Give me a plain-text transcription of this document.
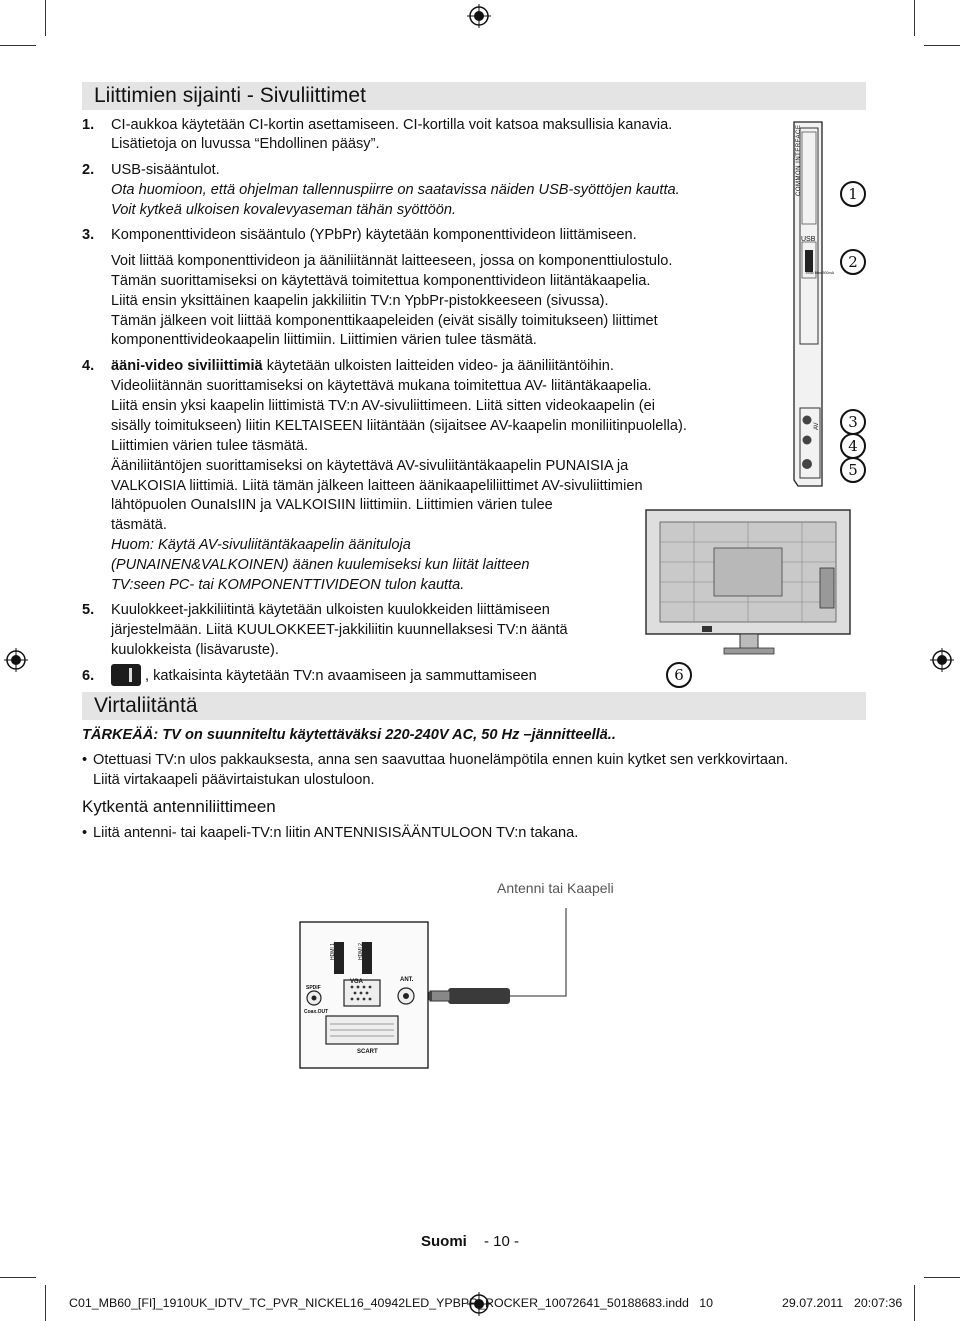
Liittimien sijainti - Sivuliittimet
1. CI-aukkoa käytetään CI-kortin asettamiseen. CI-kortilla voit katsoa maksullisia kanavia.
Lisätietoja on luvussa “Ehdollinen pääsy”.
2. USB-sisääntulot.
Ota huomioon, että ohjelman tallennuspiirre on saatavissa näiden USB-syöttöjen kautta.
Voit kytkeä ulkoisen kovalevyaseman tähän syöttöön.
3. Komponenttivideon sisääntulo (YPbPr) käytetään komponenttivideon liittämiseen.
Voit liittää komponenttivideon ja ääniliitännät laitteeseen, jossa on komponenttiulostulo.
Tämän suorittamiseksi on käytettävä toimitettua komponenttivideon liitäntäkaapelia.
Liitä ensin yksittäinen kaapelin jakkiliitin TV:n YpbPr-pistokkeeseen (sivussa).
Tämän jälkeen voit liittää komponenttikaapeleiden (eivät sisälly toimitukseen) liittimet
komponenttivideokaapelin liittimiin. Liittimien värien tulee täsmätä.
4. ääni-video siviliittimiä käytetään ulkoisten laitteiden video- ja ääniliitäntöihin.
Videoliitännän suorittamiseksi on käytettävä mukana toimitettua AV- liitäntäkaapelia.
Liitä ensin yksi kaapelin liittimistä TV:n AV-sivuliittimeen. Liitä sitten videokaapelin (ei
sisälly toimitukseen) liitin KELTAISEEN liitäntään (sijaitsee AV-kaapelin moniliitinpuolella).
Liittimien värien tulee täsmätä.
Ääniliitäntöjen suorittamiseksi on käytettävä AV-sivuliitäntäkaapelin PUNAISIA ja
VALKOISIA liittimiä. Liitä tämän jälkeen laitteen äänikaapeliliittimet AV-sivuliittimien
lähtöpuolen OunaIsIIN ja VALKOISIIN liittimiin. Liittimien värien tulee
täsmätä.
Huom: Käytä AV-sivuliitäntäkaapelin äänituloja
(PUNAINEN&VALKOINEN) äänen kuulemiseksi kun liität laitteen
TV:seen PC- tai KOMPONENTTIVIDEON tulon kautta.
5. Kuulokkeet-jakkiliitintä käytetään ulkoisten kuulokkeiden liittämiseen
järjestelmään. Liitä KUULOKKEET-jakkiliitin kuunnellaksesi TV:n ääntä
kuulokkeista (lisävaruste).
6.	, katkaisinta käytetään TV:n avaamiseen ja sammuttamiseen
COMMON INTERFACE
USB
5Vdc Max:500mA
AV
1
2
3
4
5
6
Virtaliitäntä
TÄRKEÄÄ: TV on suunniteltu käytettäväksi 220-240V AC, 50 Hz –jännitteellä..
• Otettuasi TV:n ulos pakkauksesta, anna sen saavuttaa huonelämpötila ennen kuin kytket sen verkkovirtaan.
Liitä virtakaapeli päävirtaistukan ulostuloon.
Kytkentä antenniliittimeen
• Liitä antenni- tai kaapeli-TV:n liitin ANTENNISISÄÄNTULOON TV:n takana.
Antenni tai Kaapeli
HDMI 1	HDMI 2
VGA	ANT.
SPDIF
Coax.OUT
SCART
Suomi - 10 -
C01_MB60_[FI]_1910UK_IDTV_TC_PVR_NICKEL16_40942LED_YPBPR_ROCKER_10072641_50188683.indd   10	29.07.2011 20:07:36
